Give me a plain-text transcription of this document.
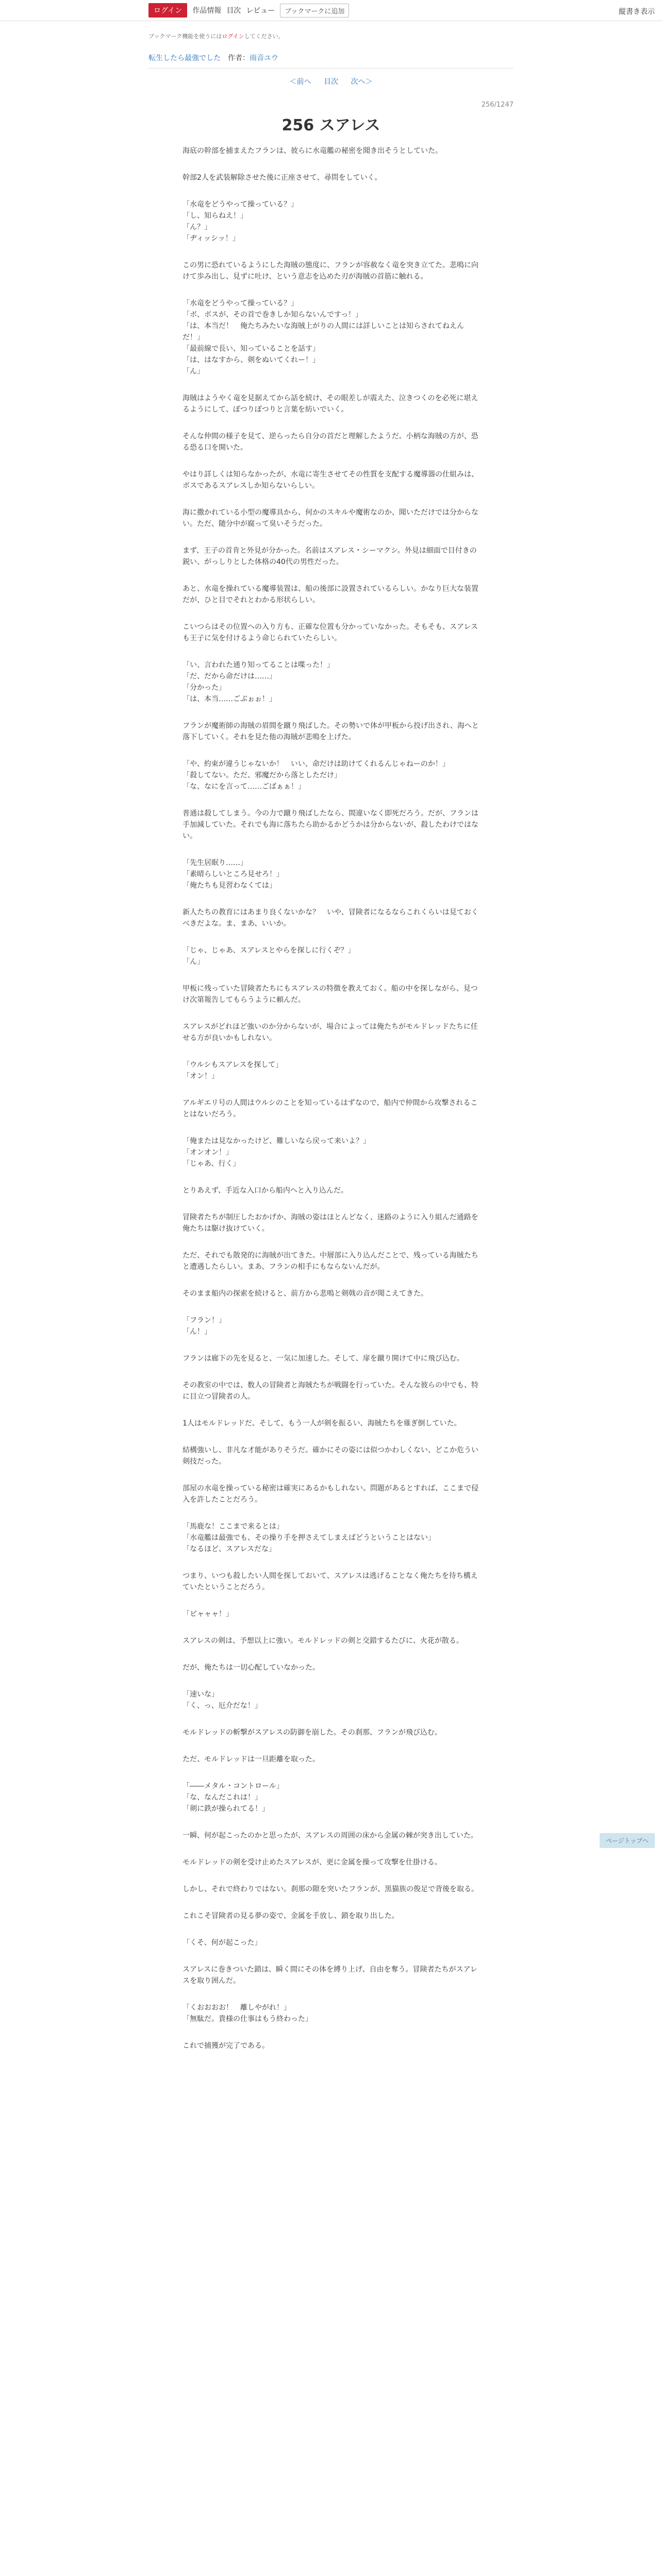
ログイン	作品情報 目次 レビュー	ブックマークに追加	縦書き表示
ブックマーク機能を使うにはログインしてください。
転生したら最強でした 作者：雨音ユウ
＜前へ 目次 次へ＞
256/1247
256 スアレス

海底の幹部を捕まえたフランは、彼らに水竜艦の秘密を聞き出そうとしていた。

幹部2人を武装解除させた後に正座させて、尋問をしていく。

「水竜をどうやって操っている？」
「し、知らねえ！」
「ん？」
「ヂィッシッ！」

この男に恐れているようにした海賊の態度に、フランが容赦なく竜を突き立てた。悲鳴に向けて歩み出し、見ずに吐け、という意志を込めた刃が海賊の首筋に触れる。

「水竜をどうやって操っている？」
「ボ、ボスが、その首で巻きしか知らないんですっ！」
「は、本当だ！　俺たちみたいな海賊上がりの人間には詳しいことは知らされてねえんだ！」
「最前線で長い、知っていることを話す」
「は、はなすから、剣をぬいてくれー！」
「ん」

海賊はようやく竜を見据えてから話を続け、その眼差しが震えた、泣きつくのを必死に堪えるようにして、ぽつりぽつりと言葉を紡いでいく。

そんな仲間の様子を見て、逆らったら自分の首だと理解したようだ。小柄な海賊の方が、恐る恐る口を開いた。

やはり詳しくは知らなかったが、水竜に寄生させてその性質を支配する魔導器の仕組みは、ボスであるスアレスしか知らないらしい。

海に撒かれている小型の魔導具から、何かのスキルや魔術なのか、聞いただけでは分からない。ただ、随分中が腐って臭いそうだった。

まず、王子の首肯と外見が分かった。名前はスアレス・シーマクシ。外見は細面で目付きの鋭い、がっしりとした体格の40代の男性だった。

あと、水竜を操れている魔導装置は、船の後部に設置されているらしい。かなり巨大な装置だが、ひと目でそれとわかる形状らしい。

こいつらはその位置への入り方も、正確な位置も分かっていなかった。そもそも、スアレスも王子に気を付けるよう命じられていたらしい。

「い、言われた通り知ってることは喋った！」
「だ、だから命だけは……」
「分かった」
「は、本当……ごぶぉぉ！」

フランが魔術師の海賊の眉間を蹴り飛ばした。その勢いで体が甲板から投げ出され、海へと落下していく。それを見た他の海賊が悲鳴を上げた。

「や、約束が違うじゃないか！　いい、命だけは助けてくれるんじゃねーのか！」
「殺してない。ただ、邪魔だから落としただけ」
「な、なにを言って……ごばぁぁ！」

普通は殺してしまう。今の力で蹴り飛ばしたなら、間違いなく即死だろう。だが、フランは手加減していた。それでも海に落ちたら助かるかどうかは分からないが、殺したわけではない。

「先生居眠り……」
「素晴らしいところ見せろ！」
「俺たちも見習わなくては」

新人たちの教育にはあまり良くないかな？　いや、冒険者になるならこれくらいは見ておくべきだよな。ま、まあ、いいか。

「じゃ、じゃあ、スアレスとやらを探しに行くぞ？」
「ん」

甲板に残っていた冒険者たちにもスアレスの特徴を教えておく。船の中を探しながら、見つけ次第報告してもらうように頼んだ。

スアレスがどれほど強いのか分からないが、場合によっては俺たちがモルドレッドたちに任せる方が良いかもしれない。

「ウルシもスアレスを探して」
「オン！」

アルギエリ号の人間はウルシのことを知っているはずなので、船内で仲間から攻撃されることはないだろう。

「俺または見なかったけど、難しいなら戻って来いよ？」
「オンオン！」
「じゃあ、行く」

とりあえず、手近な入口から船内へと入り込んだ。

冒険者たちが制圧したおかげか、海賊の姿はほとんどなく、迷路のように入り組んだ通路を俺たちは駆け抜けていく。

ただ、それでも散発的に海賊が出てきた。中層部に入り込んだことで、残っている海賊たちと遭遇したらしい。まあ、フランの相手にもならないんだが。

そのまま船内の探索を続けると、前方から悲鳴と剣戟の音が聞こえてきた。

「フラン！」
「ん！」

フランは廊下の先を見ると、一気に加速した。そして、扉を蹴り開けて中に飛び込む。

その教室の中では、数人の冒険者と海賊たちが戦闘を行っていた。そんな彼らの中でも、特に目立つ冒険者の人。

1人はモルドレッドだ。そして、もう一人が剣を振るい、海賊たちを薙ぎ倒していた。

結構強いし、非凡な才能がありそうだ。確かにその姿には似つかわしくない、どこか危うい剣技だった。

部屋の水竜を操っている秘密は確実にあるかもしれない。問題があるとすれば、ここまで侵入を許したことだろう。

「馬鹿な！ここまで来るとは」
「水竜艦は最強でも、その操り手を押さえてしまえばどうということはない」
「なるほど、スアレスだな」

つまり、いつも殺したい人間を探しておいて、スアレスは逃げることなく俺たちを待ち構えていたということだろう。

「ピャャャ！」

スアレスの剣は、予想以上に強い。モルドレッドの剣と交錯するたびに、火花が散る。

だが、俺たちは一切心配していなかった。

「速いな」
「く、っ、厄介だな！」

モルドレッドの斬撃がスアレスの防御を崩した。その刹那、フランが飛び込む。

ただ、モルドレッドは一旦距離を取った。

「――メタル・コントロール」
「な、なんだこれは！」
「剣に鉄が操られてる！」

一瞬、何が起こったのかと思ったが、スアレスの周囲の床から金属の棘が突き出していた。

モルドレッドの剣を受け止めたスアレスが、更に金属を操って攻撃を仕掛ける。

しかし、それで終わりではない。刹那の隙を突いたフランが、黒猫族の俊足で背後を取る。

これこそ冒険者の見る夢の姿で、金属を手放し、鎖を取り出した。

「くそ、何が起こった」

スアレスに巻きついた鎖は、瞬く間にその体を縛り上げ、自由を奪う。冒険者たちがスアレスを取り囲んだ。

「くおおおお！　離しやがれ！」
「無駄だ。貴様の仕事はもう終わった」

これで捕獲が完了である。

ページトップへ
